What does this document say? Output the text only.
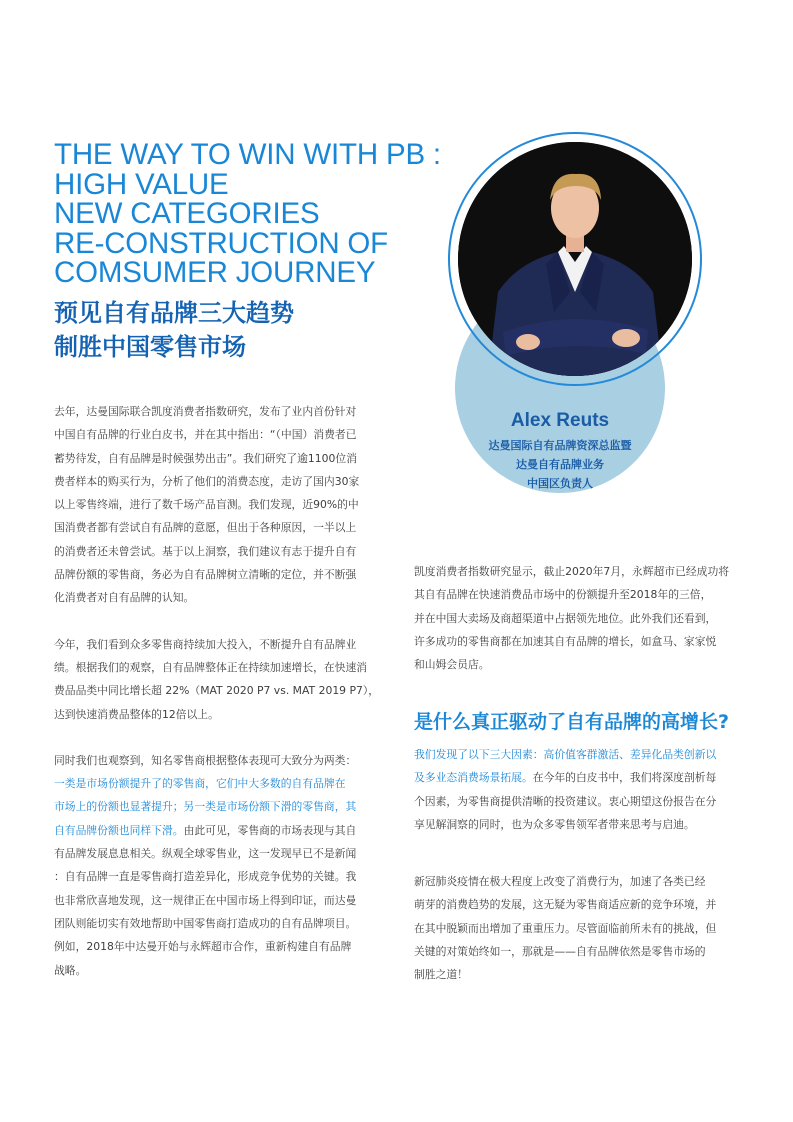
THE WAY TO WIN WITH PB :
HIGH VALUE
NEW CATEGORIES
RE-CONSTRUCTION OF
COMSUMER JOURNEY
预见自有品牌三大趋势
制胜中国零售市场
Alex Reuts
达曼国际自有品牌资深总监暨
达曼自有品牌业务
中国区负责人

去年，达曼国际联合凯度消费者指数研究，发布了业内首份针对
中国自有品牌的行业白皮书，并在其中指出：“（中国）消费者已
蓄势待发，自有品牌是时候强势出击”。我们研究了逾1100位消
费者样本的购买行为，分析了他们的消费态度，走访了国内30家
以上零售终端，进行了数千场产品盲测。我们发现，近90%的中
国消费者都有尝试自有品牌的意愿，但出于各种原因，一半以上
的消费者还未曾尝试。基于以上洞察，我们建议有志于提升自有
品牌份额的零售商，务必为自有品牌树立清晰的定位，并不断强
化消费者对自有品牌的认知。

今年，我们看到众多零售商持续加大投入，不断提升自有品牌业
绩。根据我们的观察，自有品牌整体正在持续加速增长，在快速消
费品品类中同比增长超 22%（MAT 2020 P7 vs. MAT 2019 P7），
达到快速消费品整体的12倍以上。

同时我们也观察到，知名零售商根据整体表现可大致分为两类：
一类是市场份额提升了的零售商，它们中大多数的自有品牌在
市场上的份额也显著提升；另一类是市场份额下滑的零售商，其
自有品牌份额也同样下滑。由此可见，零售商的市场表现与其自
有品牌发展息息相关。纵观全球零售业，这一发现早已不是新闻
：自有品牌一直是零售商打造差异化，形成竞争优势的关键。我
也非常欣喜地发现，这一规律正在中国市场上得到印证，而达曼
团队则能切实有效地帮助中国零售商打造成功的自有品牌项目。
例如，2018年中达曼开始与永辉超市合作，重新构建自有品牌
战略。

凯度消费者指数研究显示，截止2020年7月，永辉超市已经成功将
其自有品牌在快速消费品市场中的份额提升至2018年的三倍，
并在中国大卖场及商超渠道中占据领先地位。此外我们还看到，
许多成功的零售商都在加速其自有品牌的增长，如盒马、家家悦
和山姆会员店。

是什么真正驱动了自有品牌的高增长?

我们发现了以下三大因素：高价值客群激活、差异化品类创新以
及多业态消费场景拓展。在今年的白皮书中，我们将深度剖析每
个因素，为零售商提供清晰的投资建议。衷心期望这份报告在分
享见解洞察的同时，也为众多零售领军者带来思考与启迪。

新冠肺炎疫情在极大程度上改变了消费行为，加速了各类已经
萌芽的消费趋势的发展，这无疑为零售商适应新的竞争环境，并
在其中脱颖而出增加了重重压力。尽管面临前所未有的挑战，但
关键的对策始终如一，那就是——自有品牌依然是零售市场的
制胜之道！
